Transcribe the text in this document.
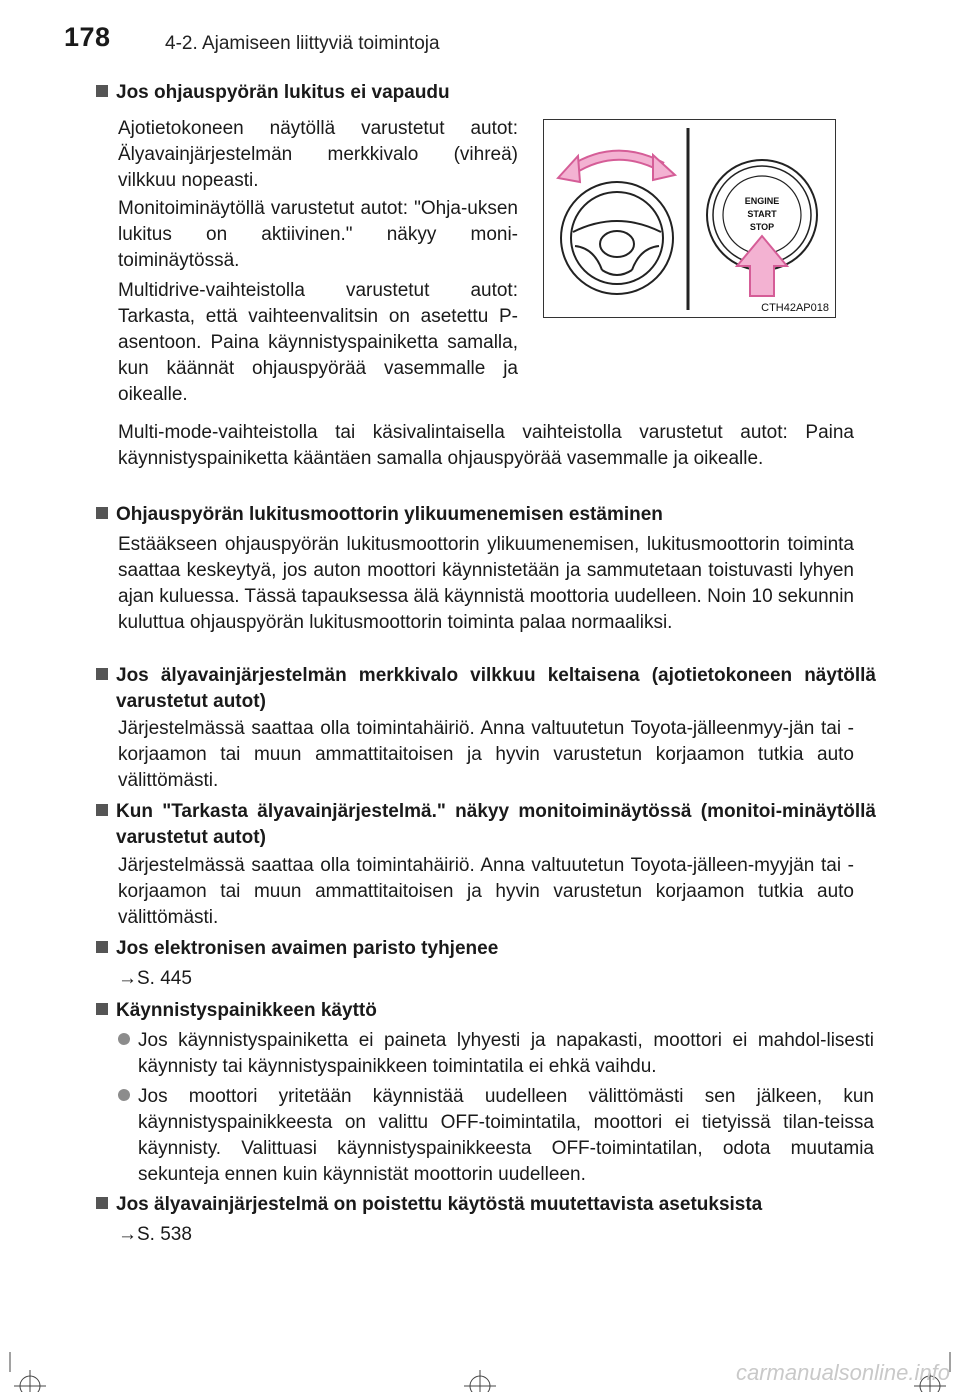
178	4-2. Ajamiseen liittyviä toimintoja
Jos ohjauspyörän lukitus ei vapaudu

Ajotietokoneen näytöllä varustetut autot: Älyavainjärjestelmän merkkivalo (vihreä) vilkkuu nopeasti.

Monitoiminäytöllä varustetut autot: "Ohja-uksen lukitus on aktiivinen." näkyy moni-toiminäytössä.

Multidrive-vaihteistolla varustetut autot: Tarkasta, että vaihteenvalitsin on asetettu P-asentoon. Paina käynnistyspainiketta samalla, kun käännät ohjauspyörää vasemmalle ja oikealle.

ENGINE
START
STOP
CTH42AP018

Multi-mode-vaihteistolla tai käsivalintaisella vaihteistolla varustetut autot: Paina käynnistyspainiketta kääntäen samalla ohjauspyörää vasemmalle ja oikealle.

Ohjauspyörän lukitusmoottorin ylikuumenemisen estäminen

Estääkseen ohjauspyörän lukitusmoottorin ylikuumenemisen, lukitusmoottorin toiminta saattaa keskeytyä, jos auton moottori käynnistetään ja sammutetaan toistuvasti lyhyen ajan kuluessa. Tässä tapauksessa älä käynnistä moottoria uudelleen. Noin 10 sekunnin kuluttua ohjauspyörän lukitusmoottorin toiminta palaa normaaliksi.

Jos älyavainjärjestelmän merkkivalo vilkkuu keltaisena (ajotietokoneen näytöllä varustetut autot)

Järjestelmässä saattaa olla toimintahäiriö. Anna valtuutetun Toyota-jälleenmyy-jän tai -korjaamon tai muun ammattitaitoisen ja hyvin varustetun korjaamon tutkia auto välittömästi.

Kun "Tarkasta älyavainjärjestelmä." näkyy monitoiminäytössä (monitoi-minäytöllä varustetut autot)

Järjestelmässä saattaa olla toimintahäiriö. Anna valtuutetun Toyota-jälleen-myyjän tai -korjaamon tai muun ammattitaitoisen ja hyvin varustetun korjaamon tutkia auto välittömästi.

Jos elektronisen avaimen paristo tyhjenee

→S. 445

Käynnistyspainikkeen käyttö
Jos käynnistyspainiketta ei paineta lyhyesti ja napakasti, moottori ei mahdol-lisesti käynnisty tai käynnistyspainikkeen toimintatila ei ehkä vaihdu.
Jos moottori yritetään käynnistää uudelleen välittömästi sen jälkeen, kun käynnistyspainikkeesta on valittu OFF-toimintatila, moottori ei tietyissä tilan-teissa käynnisty. Valittuasi käynnistyspainikkeesta OFF-toimintatilan, odota muutamia sekunteja ennen kuin käynnistät moottorin uudelleen.
Jos älyavainjärjestelmä on poistettu käytöstä muutettavista asetuksista

→S. 538

carmanualsonline.info
